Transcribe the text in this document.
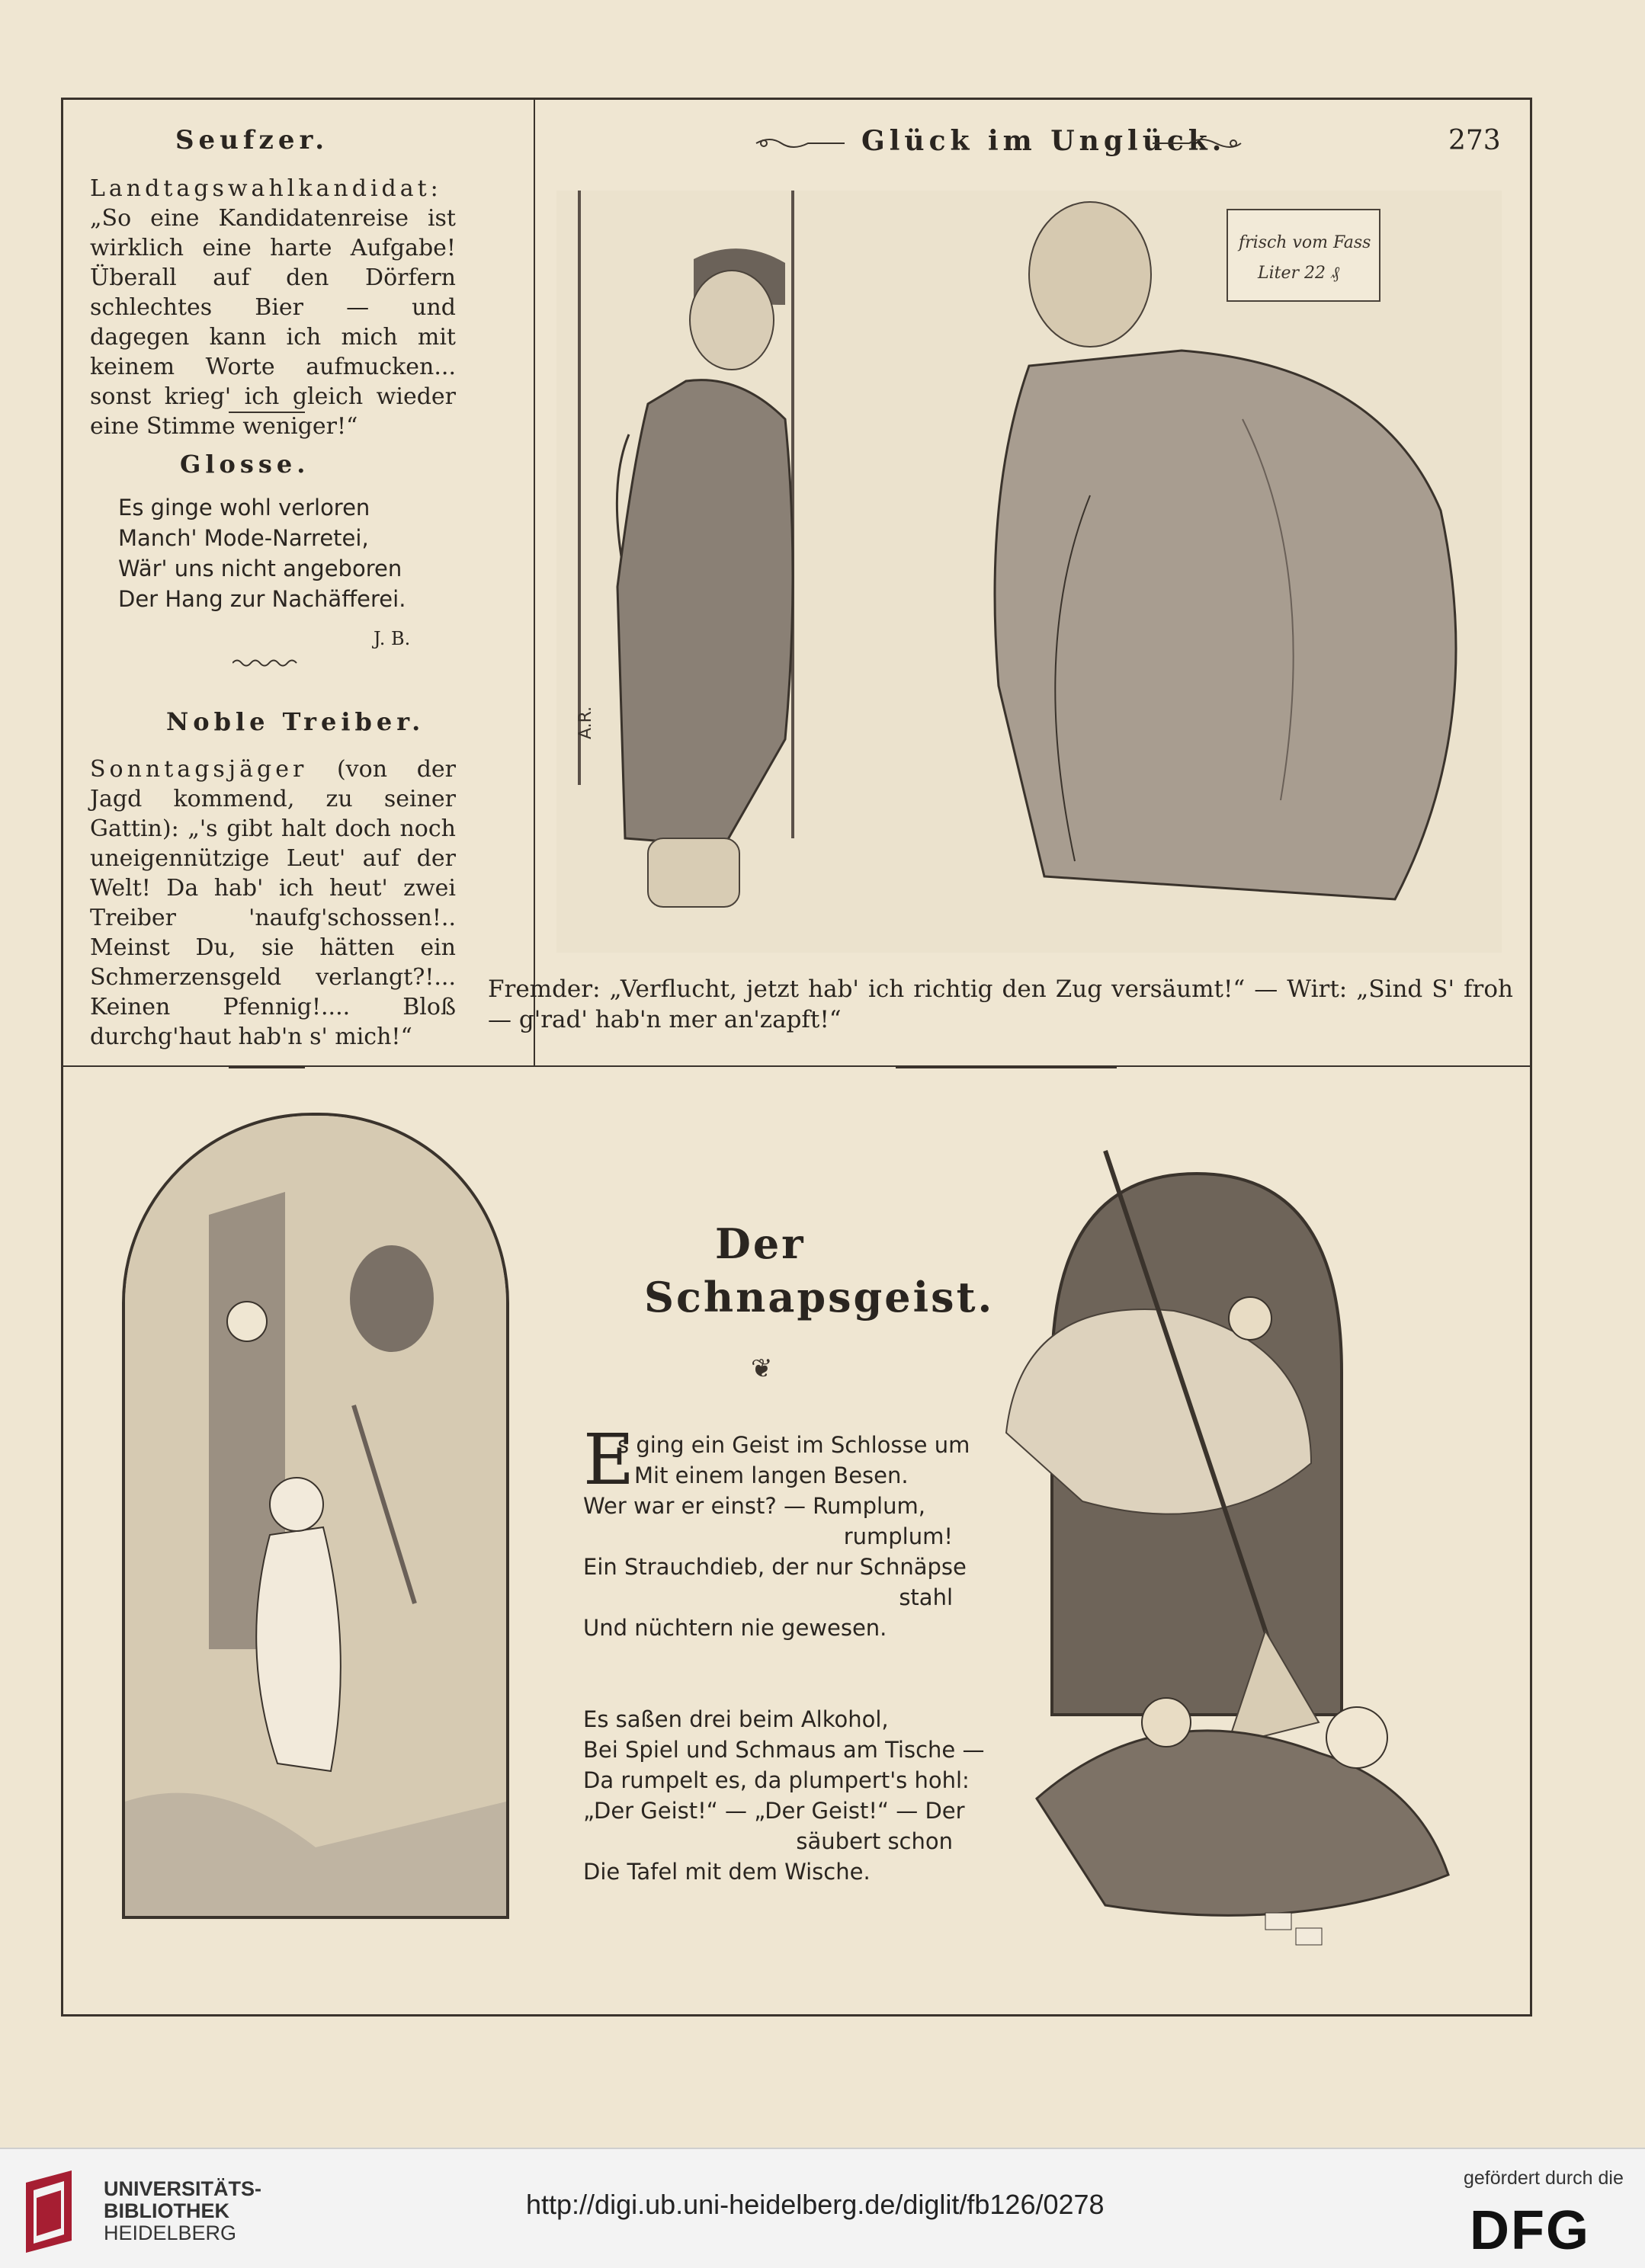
Seufzer.

Landtagswahlkandidat: „So eine Kandidatenreise ist wirklich eine harte Aufgabe! Überall auf den Dörfern schlechtes Bier — und dagegen kann ich mich mit keinem Worte aufmucken... sonst krieg' ich gleich wieder eine Stimme weniger!“

Glosse.
Es ginge wohl verloren
Manch' Mode-Narretei,
Wär' uns nicht angeboren
Der Hang zur Nachäfferei.
J. B.
Noble Treiber.

Sonntagsjäger (von der Jagd kommend, zu seiner Gattin): „'s gibt halt doch noch uneigennützige Leut' auf der Welt! Da hab' ich heut' zwei Treiber 'naufg'schossen!.. Meinst Du, sie hätten ein Schmerzensgeld verlangt?!... Keinen Pfennig!.... Bloß durchg'haut hab'n s' mich!“

Glück im Unglück.	273
frisch vom Fass
Liter 22 ₰
A.R.
Fremder: „Verflucht, jetzt hab' ich richtig den Zug versäumt!“ — Wirt: „Sind S' froh — g'rad' hab'n mer an'zapft!“
Der
Schnapsgeist.
❦
E
s ging ein Geist im Schlosse um
Mit einem langen Besen.
Wer war er einst? — Rumplum,
rumplum!
Ein Strauchdieb, der nur Schnäpse
stahl
Und nüchtern nie gewesen.
Es saßen drei beim Alkohol,
Bei Spiel und Schmaus am Tische —
Da rumpelt es, da plumpert's hohl:
„Der Geist!“ — „Der Geist!“ — Der
säubert schon
Die Tafel mit dem Wische.
UNIVERSITÄTS-
BIBLIOTHEK
HEIDELBERG
http://digi.ub.uni-heidelberg.de/diglit/fb126/0278
gefördert durch die
DFG
